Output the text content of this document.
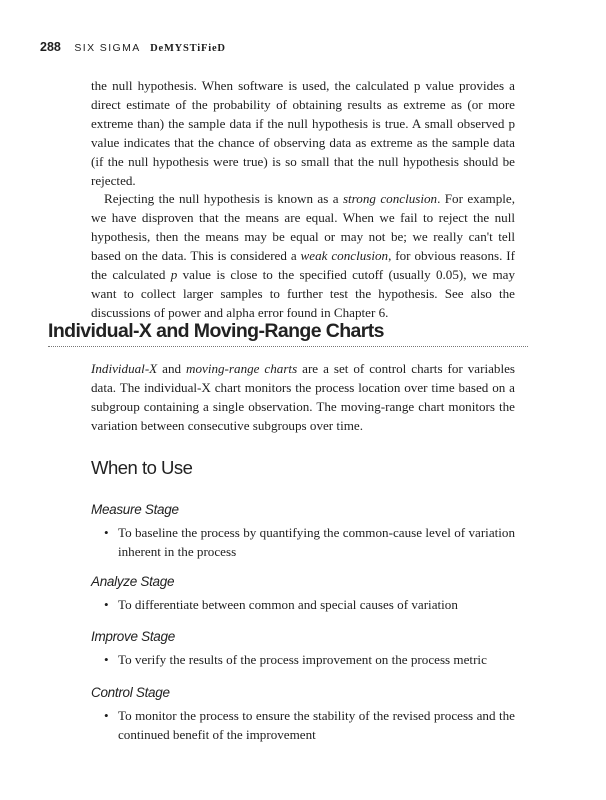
288 SIX SIGMA DeMYSTiFieD

the null hypothesis. When software is used, the calculated p value provides a direct estimate of the probability of obtaining results as extreme as (or more extreme than) the sample data if the null hypothesis is true. A small observed p value indicates that the chance of observing data as extreme as the sample data (if the null hypothesis were true) is so small that the null hypothesis should be rejected.

Rejecting the null hypothesis is known as a strong conclusion. For example, we have disproven that the means are equal. When we fail to reject the null hypothesis, then the means may be equal or may not be; we really can't tell based on the data. This is considered a weak conclusion, for obvious reasons. If the calculated p value is close to the specified cutoff (usually 0.05), we may want to collect larger samples to further test the hypothesis. See also the discussions of power and alpha error found in Chapter 6.

Individual-X and Moving-Range Charts

Individual-X and moving-range charts are a set of control charts for variables data. The individual-X chart monitors the process location over time based on a subgroup containing a single observation. The moving-range chart monitors the variation between consecutive subgroups over time.

When to Use
Measure Stage
• To baseline the process by quantifying the common-cause level of variation inherent in the process
Analyze Stage
• To differentiate between common and special causes of variation
Improve Stage
• To verify the results of the process improvement on the process metric
Control Stage
• To monitor the process to ensure the stability of the revised process and the continued benefit of the improvement
